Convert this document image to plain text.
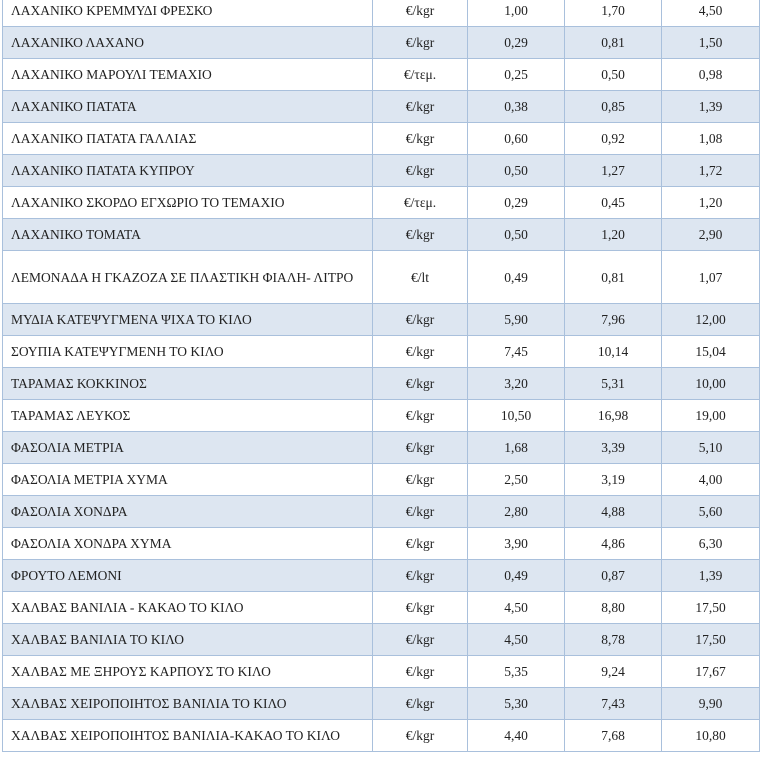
ΛΑΧΑΝΙΚΟ ΚΡΕΜΜΥΔΙ ΦΡΕΣΚΟ	€/kgr	1,00	1,70	4,50
ΛΑΧΑΝΙΚΟ ΛΑΧΑΝΟ	€/kgr	0,29	0,81	1,50
ΛΑΧΑΝΙΚΟ ΜΑΡΟΥΛΙ ΤΕΜΑΧΙΟ	€/τεμ.	0,25	0,50	0,98
ΛΑΧΑΝΙΚΟ ΠΑΤΑΤΑ	€/kgr	0,38	0,85	1,39
ΛΑΧΑΝΙΚΟ ΠΑΤΑΤΑ ΓΑΛΛΙΑΣ	€/kgr	0,60	0,92	1,08
ΛΑΧΑΝΙΚΟ ΠΑΤΑΤΑ ΚΥΠΡΟΥ	€/kgr	0,50	1,27	1,72
ΛΑΧΑΝΙΚΟ ΣΚΟΡΔΟ ΕΓΧΩΡΙΟ ΤΟ ΤΕΜΑΧΙΟ	€/τεμ.	0,29	0,45	1,20
ΛΑΧΑΝΙΚΟ ΤΟΜΑΤΑ	€/kgr	0,50	1,20	2,90
ΛΕΜΟΝΑΔΑ Η ΓΚΑΖΟΖΑ ΣΕ ΠΛΑΣΤΙΚΗ ΦΙΑΛΗ- ΛΙΤΡΟ	€/lt	0,49	0,81	1,07
ΜΥΔΙΑ ΚΑΤΕΨΥΓΜΕΝΑ ΨΙΧΑ ΤΟ ΚΙΛΟ	€/kgr	5,90	7,96	12,00
ΣΟΥΠΙΑ ΚΑΤΕΨΥΓΜΕΝΗ ΤΟ ΚΙΛΟ	€/kgr	7,45	10,14	15,04
ΤΑΡΑΜΑΣ ΚΟΚΚΙΝΟΣ	€/kgr	3,20	5,31	10,00
ΤΑΡΑΜΑΣ ΛΕΥΚΟΣ	€/kgr	10,50	16,98	19,00
ΦΑΣΟΛΙΑ ΜΕΤΡΙΑ	€/kgr	1,68	3,39	5,10
ΦΑΣΟΛΙΑ ΜΕΤΡΙΑ ΧΥΜΑ	€/kgr	2,50	3,19	4,00
ΦΑΣΟΛΙΑ ΧΟΝΔΡΑ	€/kgr	2,80	4,88	5,60
ΦΑΣΟΛΙΑ ΧΟΝΔΡΑ ΧΥΜΑ	€/kgr	3,90	4,86	6,30
ΦΡΟΥΤΟ ΛΕΜΟΝΙ	€/kgr	0,49	0,87	1,39
ΧΑΛΒΑΣ ΒΑΝΙΛΙΑ - ΚΑΚΑΟ ΤΟ ΚΙΛΟ	€/kgr	4,50	8,80	17,50
ΧΑΛΒΑΣ ΒΑΝΙΛΙΑ ΤΟ ΚΙΛΟ	€/kgr	4,50	8,78	17,50
ΧΑΛΒΑΣ ΜΕ ΞΗΡΟΥΣ ΚΑΡΠΟΥΣ ΤΟ ΚΙΛΟ	€/kgr	5,35	9,24	17,67
ΧΑΛΒΑΣ ΧΕΙΡΟΠΟΙΗΤΟΣ ΒΑΝΙΛΙΑ ΤΟ ΚΙΛΟ	€/kgr	5,30	7,43	9,90
ΧΑΛΒΑΣ ΧΕΙΡΟΠΟΙΗΤΟΣ ΒΑΝΙΛΙΑ-ΚΑΚΑΟ ΤΟ ΚΙΛΟ	€/kgr	4,40	7,68	10,80
